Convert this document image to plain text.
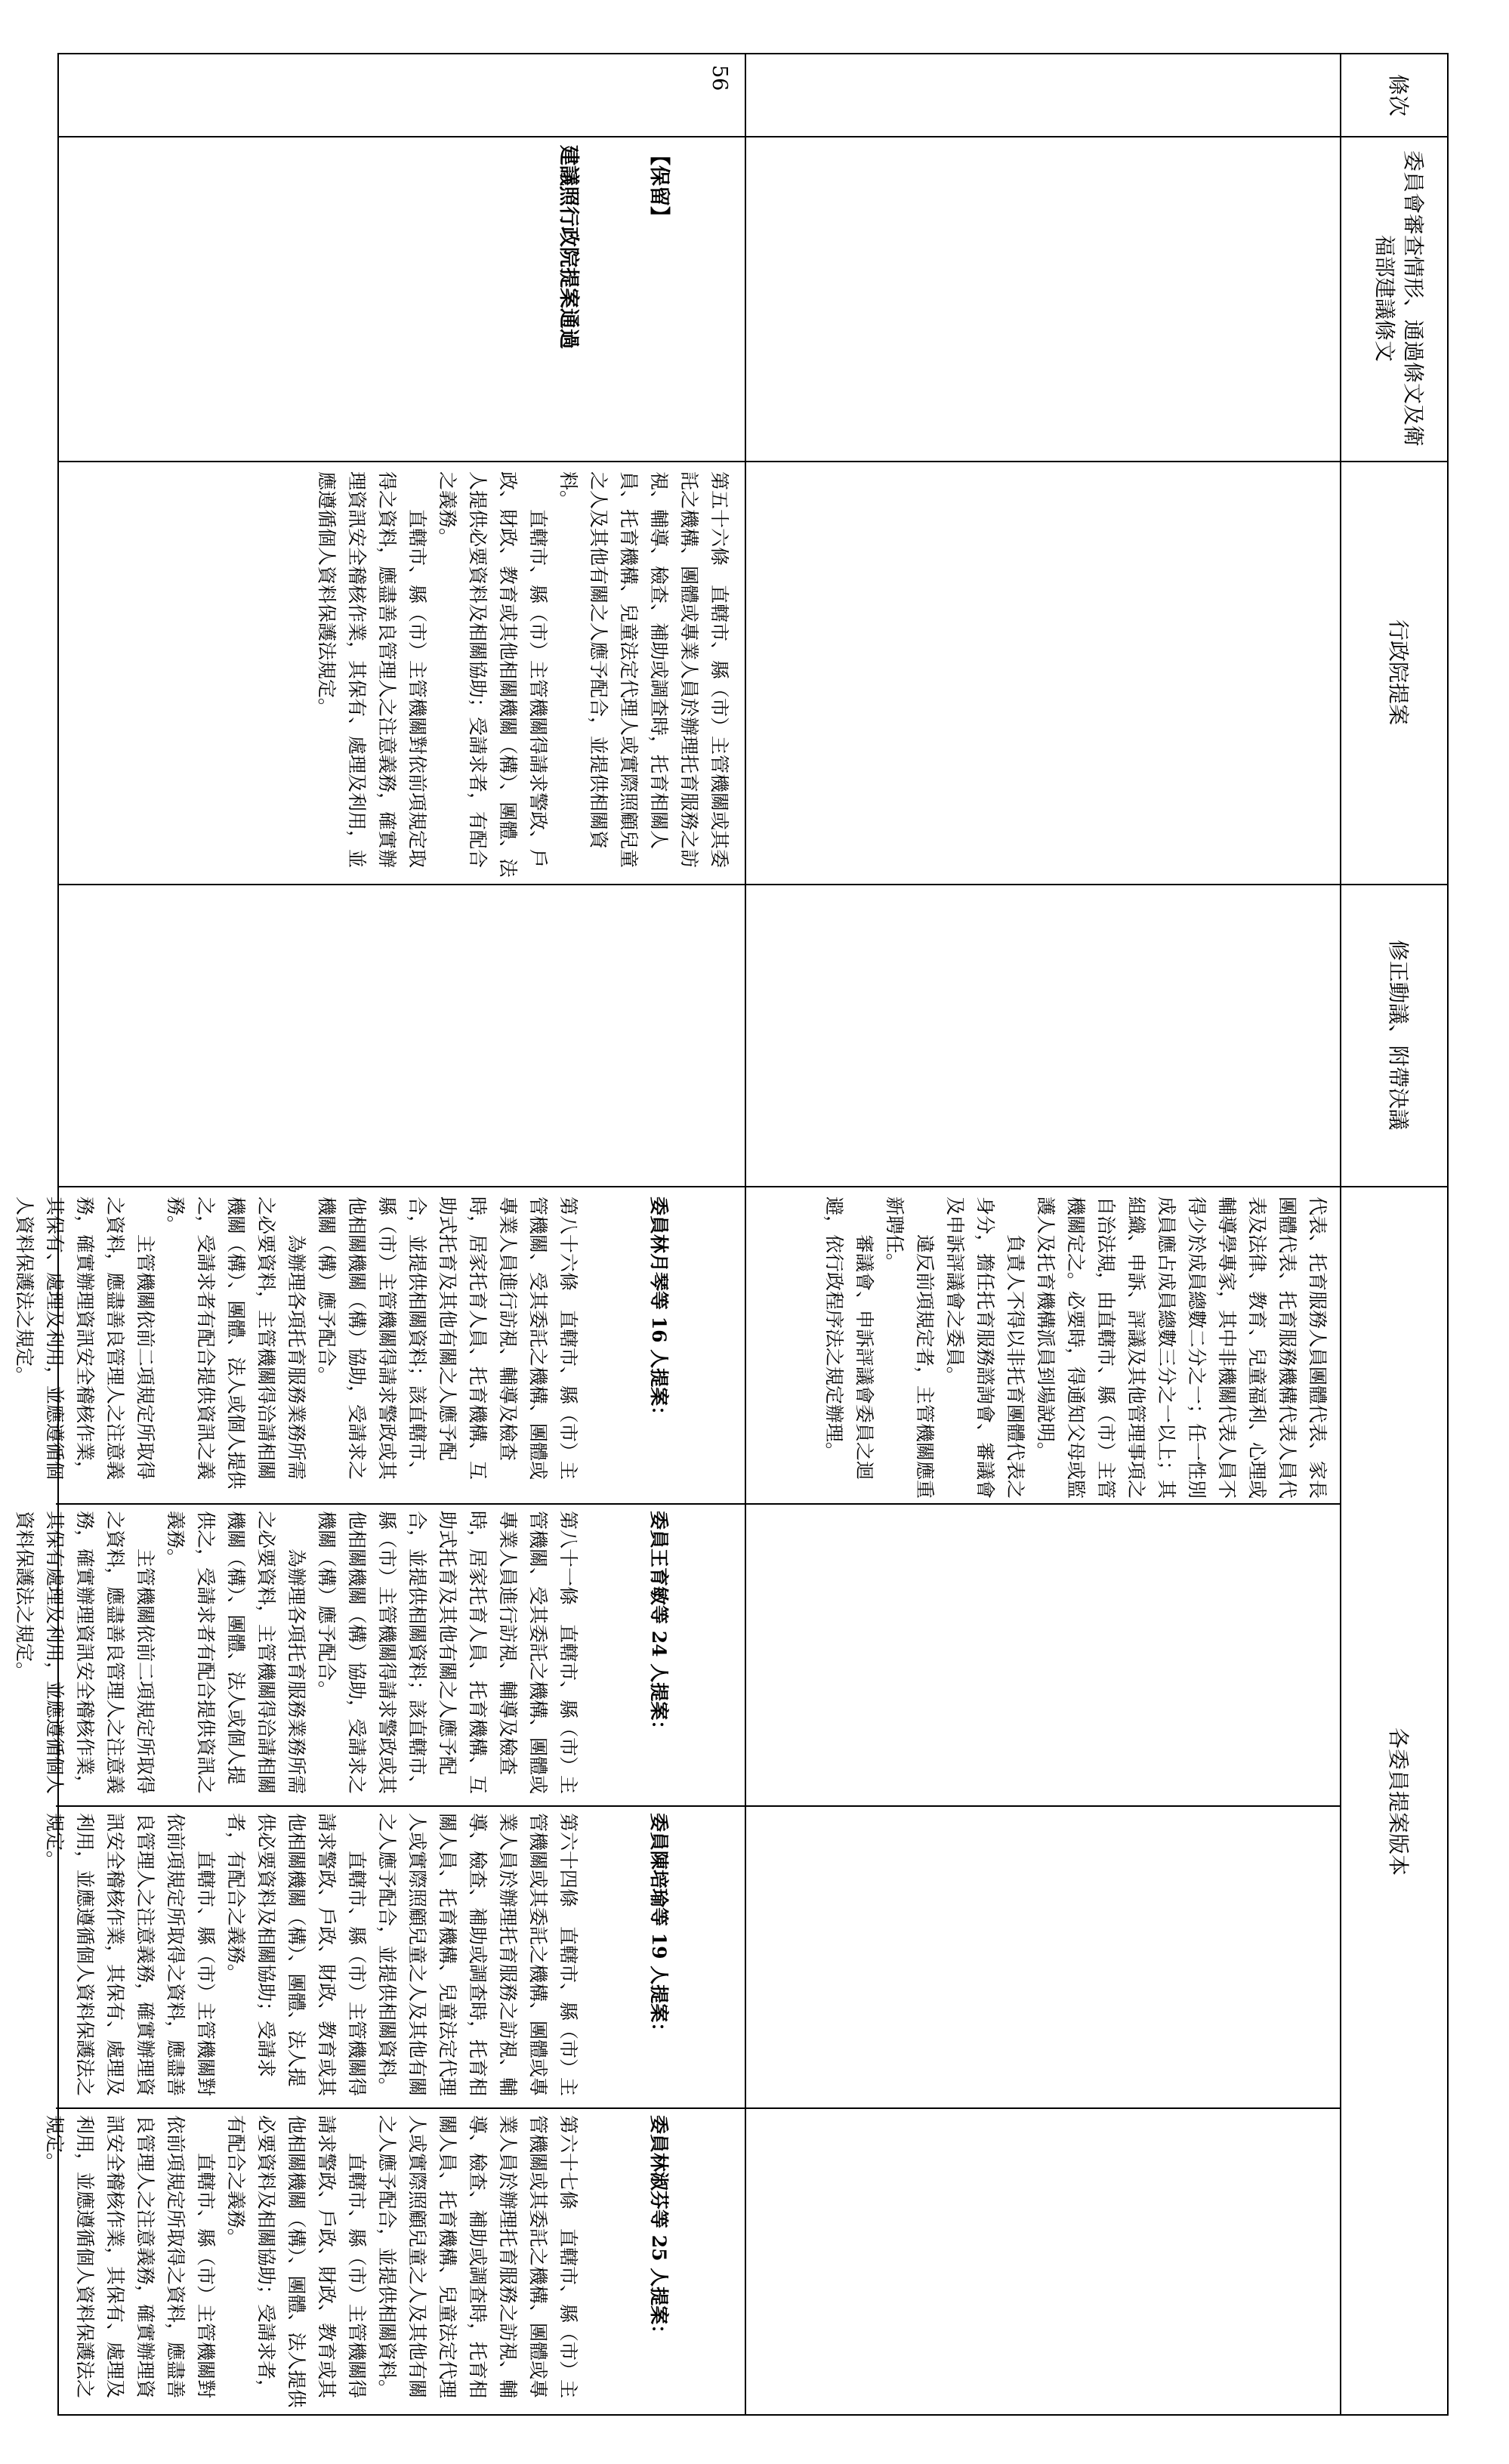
條次
委員會審查情形、通過條文及衛福部建議條文
行政院提案
修正動議、附帶決議
各委員提案版本
代表、托育服務人員團體代表、家長團體代表、托育服務機構代表人員代表及法律、教育、兒童福利、心理或輔導學專家，其中非機關代表人員不得少於成員總數二分之一；任一性別成員應占成員總數三分之一以上；其組織、申訴、評議及其他管理事項之自治法規，由直轄市、縣（市）主管機關定之。必要時，得通知父母或監護人及托育機構派員到場說明。
　　負責人不得以非托育團體代表之身分，擔任托育服務諮詢會、審議會及申訴評議會之委員。
　　違反前項規定者，主管機關應重新聘任。
　　審議會、申訴評議會委員之迴避，依行政程序法之規定辦理。
56

【保留】

建議照行政院提案通過

第五十六條　直轄市、縣（市）主管機關或其委託之機構、團體或專業人員於辦理托育服務之訪視、輔導、檢查、補助或調查時，托育相關人員、托育機構、兒童法定代理人或實際照顧兒童之人及其他有關之人應予配合，並提供相關資料。
　　直轄市、縣（市）主管機關得請求警政、戶政、財政、教育或其他相關機關（構）、團體、法人提供必要資料及相關協助；受請求者，有配合之義務。
　　直轄市、縣（市）主管機關對依前項規定取得之資料，應盡善良管理人之注意義務，確實辦理資訊安全稽核作業，其保有、處理及利用，並應遵循個人資料保護法規定。

委員林月琴等 16 人提案：

第八十六條　直轄市、縣（市）主管機關、受其委託之機構、團體或專業人員進行訪視、輔導及檢查時，居家托育人員、托育機構、互助式托育及其他有關之人應予配合，並提供相關資料；該直轄市、縣（市）主管機關得請求警政或其他相關機關（構）協助，受請求之機關（構）應予配合。
　　為辦理各項托育服務業務所需之必要資料，主管機關得洽請相關機關（構）、團體、法人或個人提供之，受請求者有配合提供資訊之義務。
　　主管機關依前二項規定所取得之資料，應盡善良管理人之注意義務，確實辦理資訊安全稽核作業，其保有、處理及利用，並應遵循個人資料保護法之規定。

委員王育敏等 24 人提案：

第八十一條　直轄市、縣（市）主管機關、受其委託之機構、團體或專業人員進行訪視、輔導及檢查時，居家托育人員、托育機構、互助式托育及其他有關之人應予配合，並提供相關資料；該直轄市、縣（市）主管機關得請求警政或其他相關機關（構）協助，受請求之機關（構）應予配合。
　　為辦理各項托育服務業務所需之必要資料，主管機關得洽請相關機關（構）、團體、法人或個人提供之，受請求者有配合提供資訊之義務。
　　主管機關依前二項規定所取得之資料，應盡善良管理人之注意義務，確實辦理資訊安全稽核作業，其保有處理及利用，並應遵循個人資料保護法之規定。

委員陳培瑜等 19 人提案：

第六十四條　直轄市、縣（市）主管機關或其委託之機構、團體或專業人員於辦理托育服務之訪視、輔導、檢查、補助或調查時，托育相關人員、托育機構、兒童法定代理人或實際照顧兒童之人及其他有關之人應予配合，並提供相關資料。
　　直轄市、縣（市）主管機關得請求警政、戶政、財政、教育或其他相關機關（構）、團體、法人提供必要資料及相關協助；受請求者，有配合之義務。
　　直轄市、縣（市）主管機關對依前項規定所取得之資料，應盡善良管理人之注意義務，確實辦理資訊安全稽核作業，其保有、處理及利用，並應遵循個人資料保護法之規定。

委員林淑芬等 25 人提案：

第六十七條　直轄市、縣（市）主管機關或其委託之機構、團體或專業人員於辦理托育服務之訪視、輔導、檢查、補助或調查時，托育相關人員、托育機構、兒童法定代理人或實際照顧兒童之人及其他有關之人應予配合，並提供相關資料。
　　直轄市、縣（市）主管機關得請求警政、戶政、財政、教育或其他相關機關（構）、團體、法人提供必要資料及相關協助；受請求者，有配合之義務。
　　直轄市、縣（市）主管機關對依前項規定所取得之資料，應盡善良管理人之注意義務，確實辦理資訊安全稽核作業，其保有、處理及利用，並應遵循個人資料保護法之規定。
